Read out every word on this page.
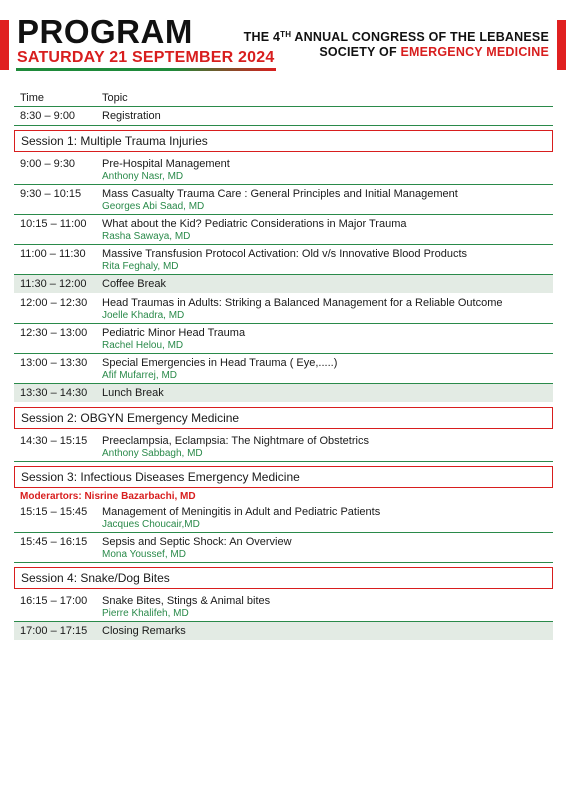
PROGRAM
SATURDAY 21 SEPTEMBER 2024
THE 4TH ANNUAL CONGRESS OF THE LEBANESE
SOCIETY OF EMERGENCY MEDICINE
Time	Topic
8:30 – 9:00	Registration
Session 1: Multiple Trauma Injuries
9:00 – 9:30	Pre-Hospital Management
Anthony Nasr, MD
9:30 – 10:15	Mass Casualty Trauma Care : General Principles and Initial Management
Georges Abi Saad, MD
10:15 – 11:00	What about the Kid? Pediatric Considerations in Major Trauma
Rasha Sawaya, MD
11:00 – 11:30	Massive Transfusion Protocol Activation: Old v/s Innovative Blood Products
Rita Feghaly, MD
11:30 – 12:00	Coffee Break
12:00 – 12:30	Head Traumas in Adults: Striking a Balanced Management for a Reliable Outcome
Joelle Khadra, MD
12:30 – 13:00	Pediatric Minor Head Trauma
Rachel Helou, MD
13:00 – 13:30	Special Emergencies in Head Trauma ( Eye,.....)
Afif Mufarrej, MD
13:30 – 14:30	Lunch Break
Session 2: OBGYN Emergency Medicine
14:30 – 15:15	Preeclampsia, Eclampsia: The Nightmare of Obstetrics
Anthony Sabbagh, MD
Session 3: Infectious Diseases Emergency Medicine
Moderartors: Nisrine Bazarbachi, MD
15:15 – 15:45	Management of Meningitis in Adult and Pediatric Patients
Jacques Choucair,MD
15:45 – 16:15	Sepsis and Septic Shock: An Overview
Mona Youssef, MD
Session 4: Snake/Dog Bites
16:15 – 17:00	Snake Bites, Stings & Animal bites
Pierre Khalifeh, MD
17:00 – 17:15	Closing Remarks
